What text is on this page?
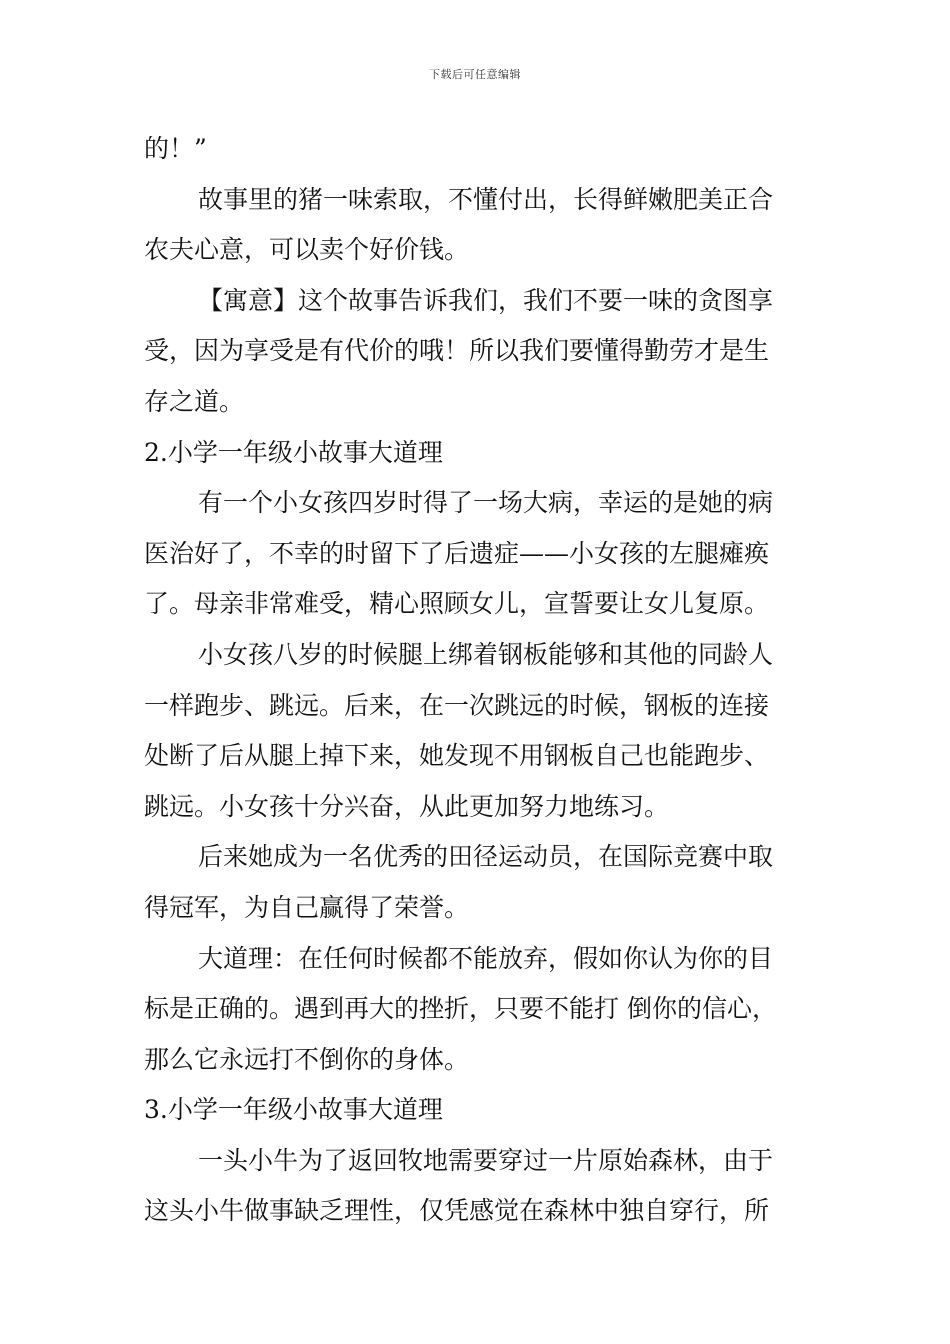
下载后可任意编辑
的！”
故事里的猪一味索取，不懂付出，长得鲜嫩肥美正合
农夫心意，可以卖个好价钱。
【寓意】这个故事告诉我们，我们不要一味的贪图享
受，因为享受是有代价的哦！所以我们要懂得勤劳才是生
存之道。
2.小学一年级小故事大道理
有一个小女孩四岁时得了一场大病，幸运的是她的病
医治好了，不幸的时留下了后遗症——小女孩的左腿瘫痪
了。母亲非常难受，精心照顾女儿，宣誓要让女儿复原。
小女孩八岁的时候腿上绑着钢板能够和其他的同龄人
一样跑步、跳远。后来，在一次跳远的时候，钢板的连接
处断了后从腿上掉下来，她发现不用钢板自己也能跑步、
跳远。小女孩十分兴奋，从此更加努力地练习。
后来她成为一名优秀的田径运动员，在国际竞赛中取
得冠军，为自己赢得了荣誉。
大道理：在任何时候都不能放弃，假如你认为你的目
标是正确的。遇到再大的挫折，只要不能打 倒你的信心，
那么它永远打不倒你的身体。
3.小学一年级小故事大道理
一头小牛为了返回牧地需要穿过一片原始森林，由于
这头小牛做事缺乏理性，仅凭感觉在森林中独自穿行，所
